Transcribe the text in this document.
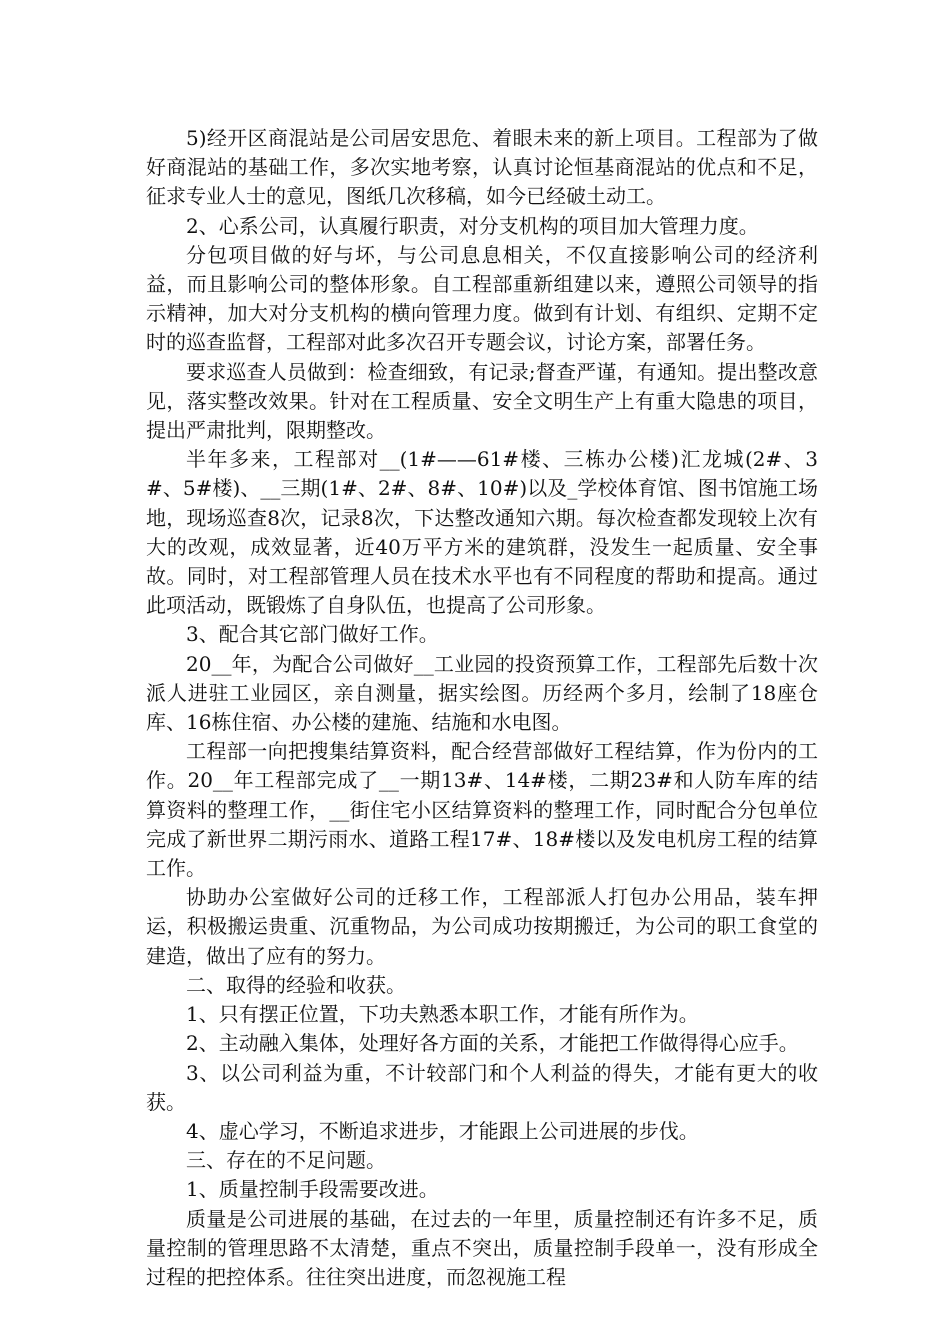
5)经开区商混站是公司居安思危、着眼未来的新上项目。工程部为了做好商混站的基础工作，多次实地考察，认真讨论恒基商混站的优点和不足，征求专业人士的意见，图纸几次移稿，如今已经破土动工。

2、心系公司，认真履行职责，对分支机构的项目加大管理力度。

分包项目做的好与坏，与公司息息相关，不仅直接影响公司的经济利益，而且影响公司的整体形象。自工程部重新组建以来，遵照公司领导的指示精神，加大对分支机构的横向管理力度。做到有计划、有组织、定期不定时的巡查监督，工程部对此多次召开专题会议，讨论方案，部署任务。

要求巡查人员做到：检查细致，有记录;督查严谨，有通知。提出整改意见，落实整改效果。针对在工程质量、安全文明生产上有重大隐患的项目，提出严肃批判，限期整改。

半年多来，工程部对__(1#——61#楼、三栋办公楼)汇龙城(2#、3#、5#楼)、__三期(1#、2#、8#、10#)以及_学校体育馆、图书馆施工场地，现场巡查8次，记录8次，下达整改通知六期。每次检查都发现较上次有大的改观，成效显著，近40万平方米的建筑群，没发生一起质量、安全事故。同时，对工程部管理人员在技术水平也有不同程度的帮助和提高。通过此项活动，既锻炼了自身队伍，也提高了公司形象。

3、配合其它部门做好工作。

20__年，为配合公司做好__工业园的投资预算工作，工程部先后数十次派人进驻工业园区，亲自测量，据实绘图。历经两个多月，绘制了18座仓库、16栋住宿、办公楼的建施、结施和水电图。

工程部一向把搜集结算资料，配合经营部做好工程结算，作为份内的工作。20__年工程部完成了__一期13#、14#楼，二期23#和人防车库的结算资料的整理工作，__街住宅小区结算资料的整理工作，同时配合分包单位完成了新世界二期污雨水、道路工程17#、18#楼以及发电机房工程的结算工作。

协助办公室做好公司的迁移工作，工程部派人打包办公用品，装车押运，积极搬运贵重、沉重物品，为公司成功按期搬迁，为公司的职工食堂的建造，做出了应有的努力。

二、取得的经验和收获。

1、只有摆正位置，下功夫熟悉本职工作，才能有所作为。

2、主动融入集体，处理好各方面的关系，才能把工作做得得心应手。

3、以公司利益为重，不计较部门和个人利益的得失，才能有更大的收获。

4、虚心学习，不断追求进步，才能跟上公司进展的步伐。

三、存在的不足问题。

1、质量控制手段需要改进。

质量是公司进展的基础，在过去的一年里，质量控制还有许多不足，质量控制的管理思路不太清楚，重点不突出，质量控制手段单一，没有形成全过程的把控体系。往往突出进度，而忽视施工程
